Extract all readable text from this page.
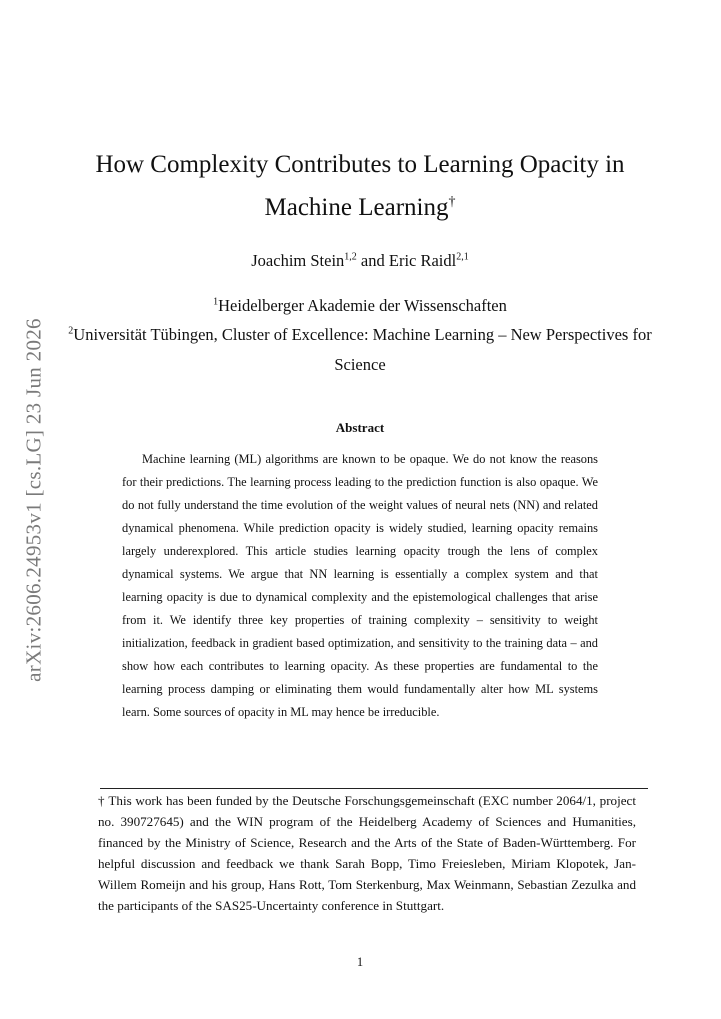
arXiv:2606.24953v1 [cs.LG] 23 Jun 2026
How Complexity Contributes to Learning Opacity in
Machine Learning†
Joachim Stein$^{1,2}$ and Eric Raidl$^{2,1}$
$^1$Heidelberger Akademie der Wissenschaften
$^2$Universität Tübingen, Cluster of Excellence: Machine Learning – New Perspectives for Science
Abstract
Machine learning (ML) algorithms are known to be opaque. We do not know the reasons for their predictions. The learning process leading to the prediction function is also opaque. We do not fully understand the time evolution of the weight values of neural nets (NN) and related dynamical phenomena. While prediction opacity is widely studied, learning opacity remains largely underexplored. This article studies learning opacity trough the lens of complex dynamical systems. We argue that NN learning is essentially a complex system and that learning opacity is due to dynamical complexity and the epistemological challenges that arise from it. We identify three key properties of training complexity – sensitivity to weight initialization, feedback in gradient based optimization, and sensitivity to the training data – and show how each contributes to learning opacity. As these properties are fundamental to the learning process damping or eliminating them would fundamentally alter how ML systems learn. Some sources of opacity in ML may hence be irreducible.
† This work has been funded by the Deutsche Forschungsgemeinschaft (EXC number 2064/1, project no. 390727645) and the WIN program of the Heidelberg Academy of Sciences and Humanities, financed by the Ministry of Science, Research and the Arts of the State of Baden-Württemberg. For helpful discussion and feedback we thank Sarah Bopp, Timo Freiesleben, Miriam Klopotek, Jan-Willem Romeijn and his group, Hans Rott, Tom Sterkenburg, Max Weinmann, Sebastian Zezulka and the participants of the SAS25-Uncertainty conference in Stuttgart.
1
